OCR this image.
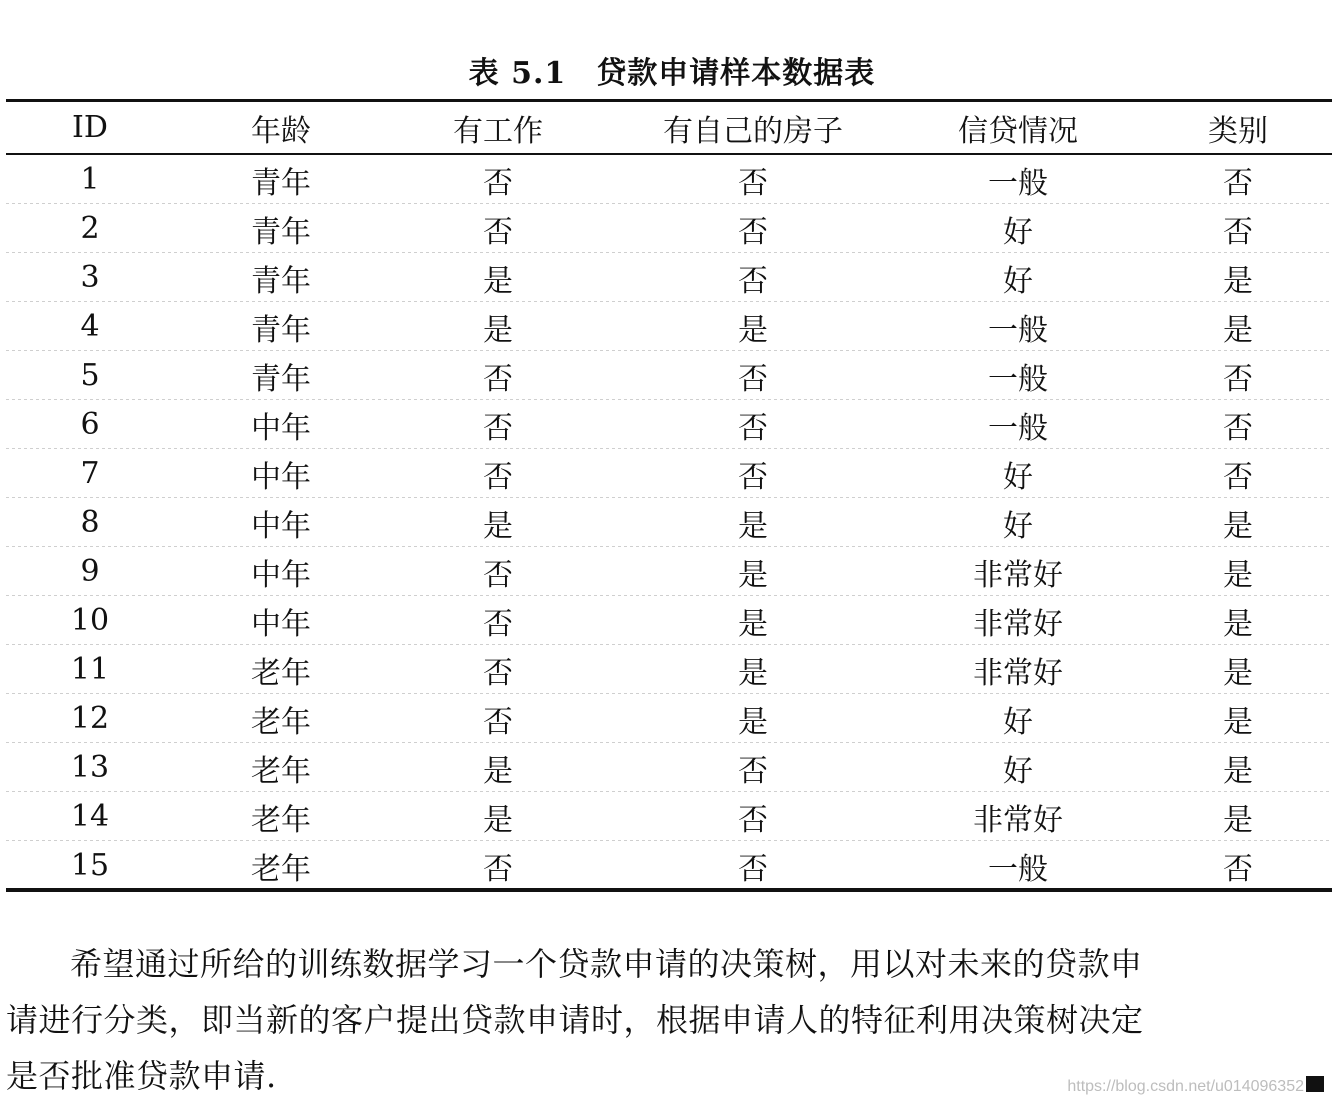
表 5.1 贷款申请样本数据表
ID	年龄	有工作	有自己的房子	信贷情况	类别
1	青年	否	否	一般	否
2	青年	否	否	好	否
3	青年	是	否	好	是
4	青年	是	是	一般	是
5	青年	否	否	一般	否
6	中年	否	否	一般	否
7	中年	否	否	好	否
8	中年	是	是	好	是
9	中年	否	是	非常好	是
10	中年	否	是	非常好	是
11	老年	否	是	非常好	是
12	老年	否	是	好	是
13	老年	是	否	好	是
14	老年	是	否	非常好	是
15	老年	否	否	一般	否
希望通过所给的训练数据学习一个贷款申请的决策树，用以对未来的贷款申
请进行分类，即当新的客户提出贷款申请时，根据申请人的特征利用决策树决定
是否批准贷款申请.	https://blog.csdn.net/u014096352
